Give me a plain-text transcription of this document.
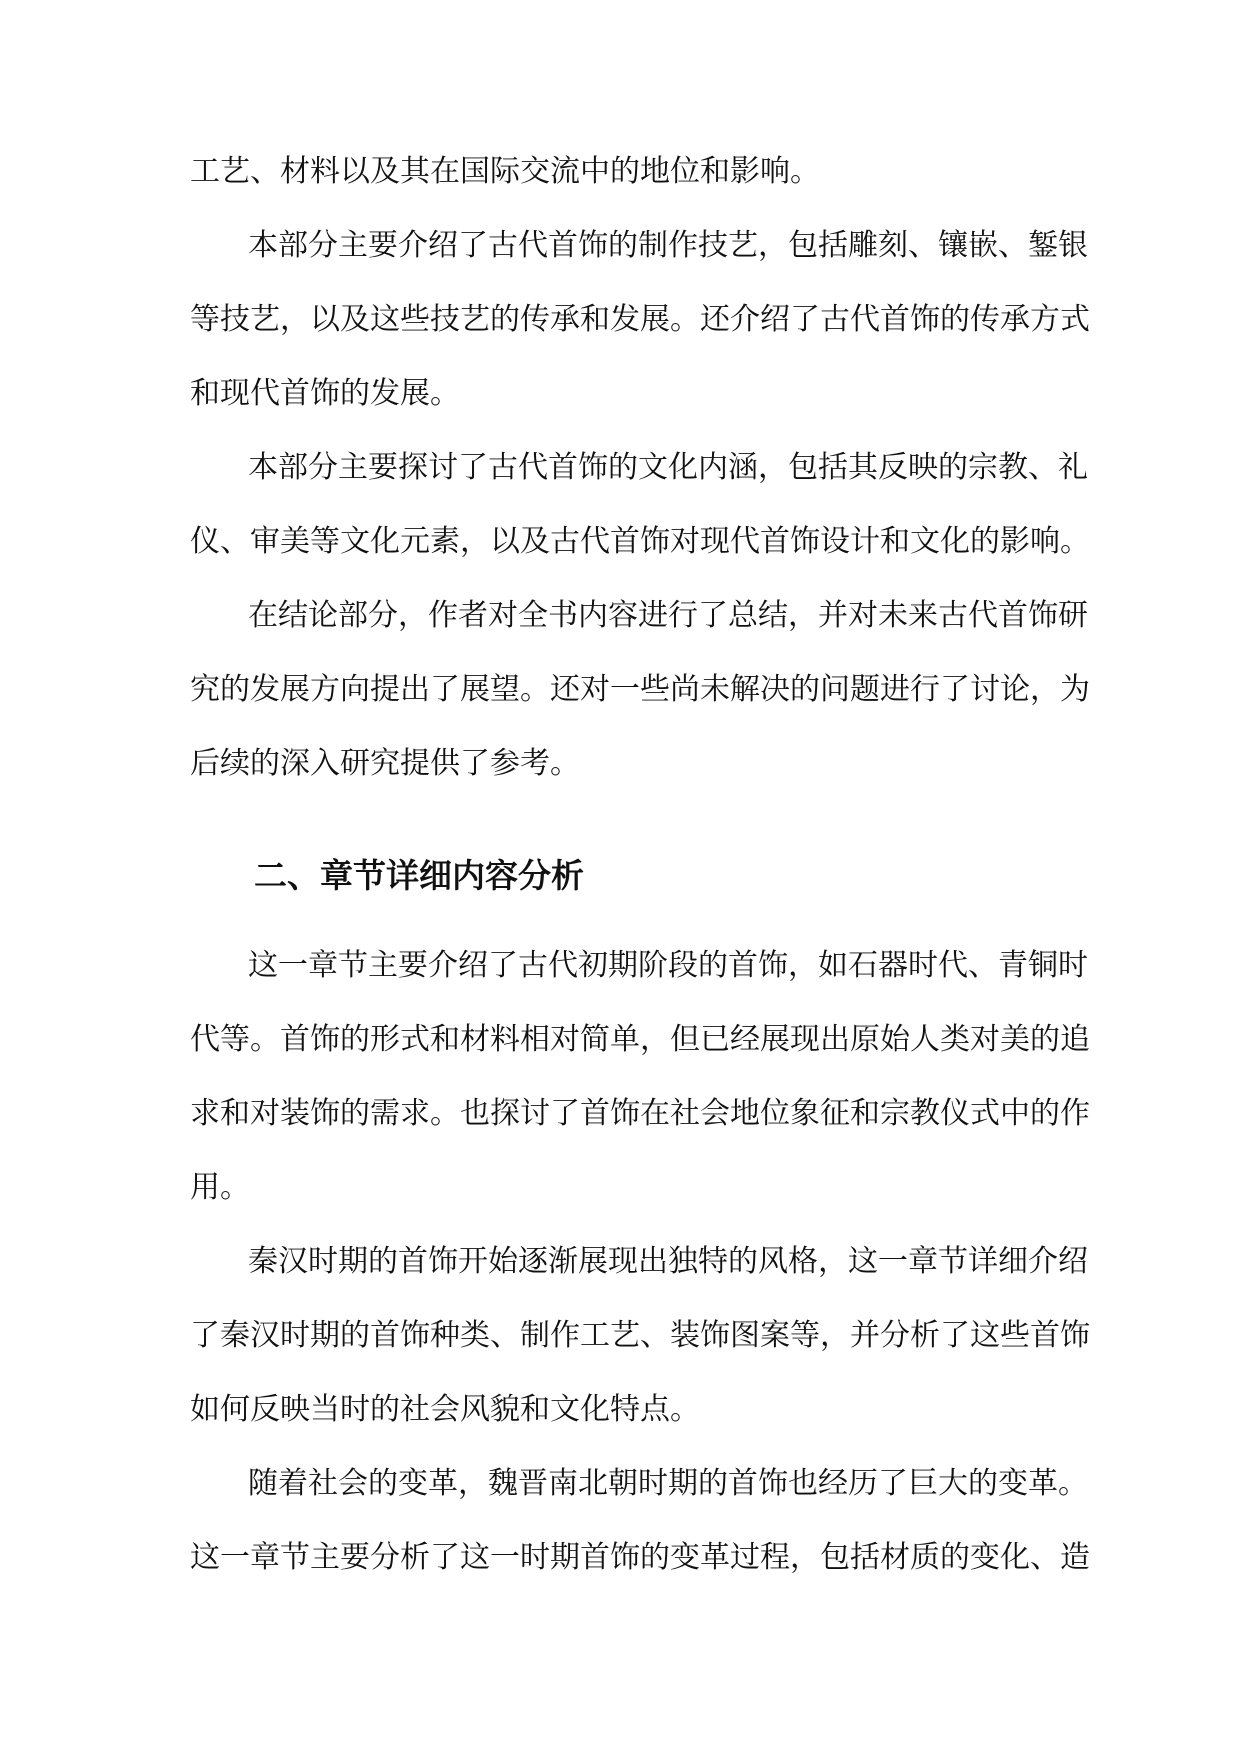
工艺、材料以及其在国际交流中的地位和影响。
本部分主要介绍了古代首饰的制作技艺，包括雕刻、镶嵌、錾银
等技艺，以及这些技艺的传承和发展。还介绍了古代首饰的传承方式
和现代首饰的发展。
本部分主要探讨了古代首饰的文化内涵，包括其反映的宗教、礼
仪、审美等文化元素，以及古代首饰对现代首饰设计和文化的影响。
在结论部分，作者对全书内容进行了总结，并对未来古代首饰研
究的发展方向提出了展望。还对一些尚未解决的问题进行了讨论，为
后续的深入研究提供了参考。
二、章节详细内容分析
这一章节主要介绍了古代初期阶段的首饰，如石器时代、青铜时
代等。首饰的形式和材料相对简单，但已经展现出原始人类对美的追
求和对装饰的需求。也探讨了首饰在社会地位象征和宗教仪式中的作
用。
秦汉时期的首饰开始逐渐展现出独特的风格，这一章节详细介绍
了秦汉时期的首饰种类、制作工艺、装饰图案等，并分析了这些首饰
如何反映当时的社会风貌和文化特点。
随着社会的变革，魏晋南北朝时期的首饰也经历了巨大的变革。
这一章节主要分析了这一时期首饰的变革过程，包括材质的变化、造
